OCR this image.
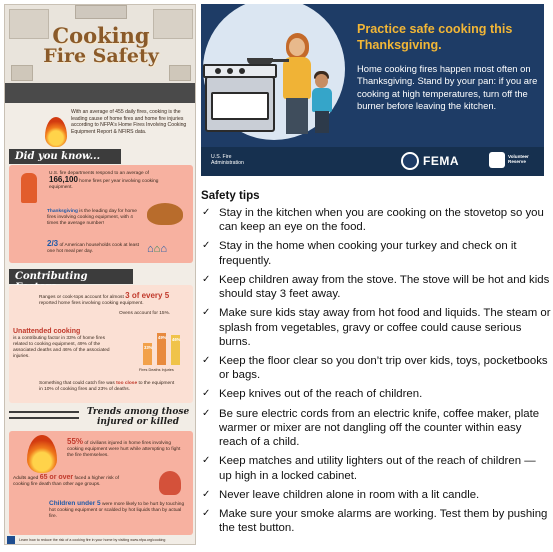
Cooking
Fire Safety
With an average of 455 daily fires, cooking is the leading cause of home fires and home fire injuries according to NFPA's Home Fires Involving Cooking Equipment Report & NFIRS data.
Did you know...
U.S. fire departments respond to an average of 166,100 home fires per year involving cooking equipment.
Thanksgiving is the leading day for home fires involving cooking equipment, with 4 times the average number!
2/3 of American households cook at least one hot meal per day.	⌂⌂⌂
Contributing
Ranges or cook-tops account for almost 3 of every 5 reported home fires involving cooking equipment.
Ovens account for 15%.
Unattended cooking
is a contributing factor in 33% of home fires related to cooking equipment, 49% of the associated deaths and 46% of the associated injuries.
33%
49% 46%
Fires Deaths Injuries
Something that could catch fire was too close to the equipment in 10% of cooking fires and 23% of deaths.
Trends among those
injured or killed
55% of civilians injured in home fires involving cooking equipment were hurt while attempting to fight the fire themselves.
Adults aged 65 or over faced a higher risk of cooking fire death than other age groups.
Children under 5 were more likely to be hurt by touching hot cooking equipment or scalded by hot liquids than by actual fire.
Learn how to reduce the risk of a cooking fire in your home by visiting www.nfpa.org/cooking
Practice safe cooking this Thanksgiving.
Home cooking fires happen most often on Thanksgiving. Stand by your pan: if you are cooking at high temperatures, turn off the burner before leaving the kitchen.
U.S. Fire
Administration	FEMA	Volunteer
Reserve
Safety tips
✓ Stay in the kitchen when you are cooking on the stovetop so you can keep an eye on the food.
✓ Stay in the home when cooking your turkey and check on it frequently.
✓ Keep children away from the stove. The stove will be hot and kids should stay 3 feet away.
✓ Make sure kids stay away from hot food and liquids. The steam or splash from vegetables, gravy or coffee could cause serious burns.
✓ Keep the floor clear so you don’t trip over kids, toys, pocketbooks or bags.
✓ Keep knives out of the reach of children.
✓ Be sure electric cords from an electric knife, coffee maker, plate warmer or mixer are not dangling off the counter within easy reach of a child.
✓ Keep matches and utility lighters out of the reach of children — up high in a locked cabinet.
✓ Never leave children alone in room with a lit candle.
✓ Make sure your smoke alarms are working. Test them by pushing the test button.
